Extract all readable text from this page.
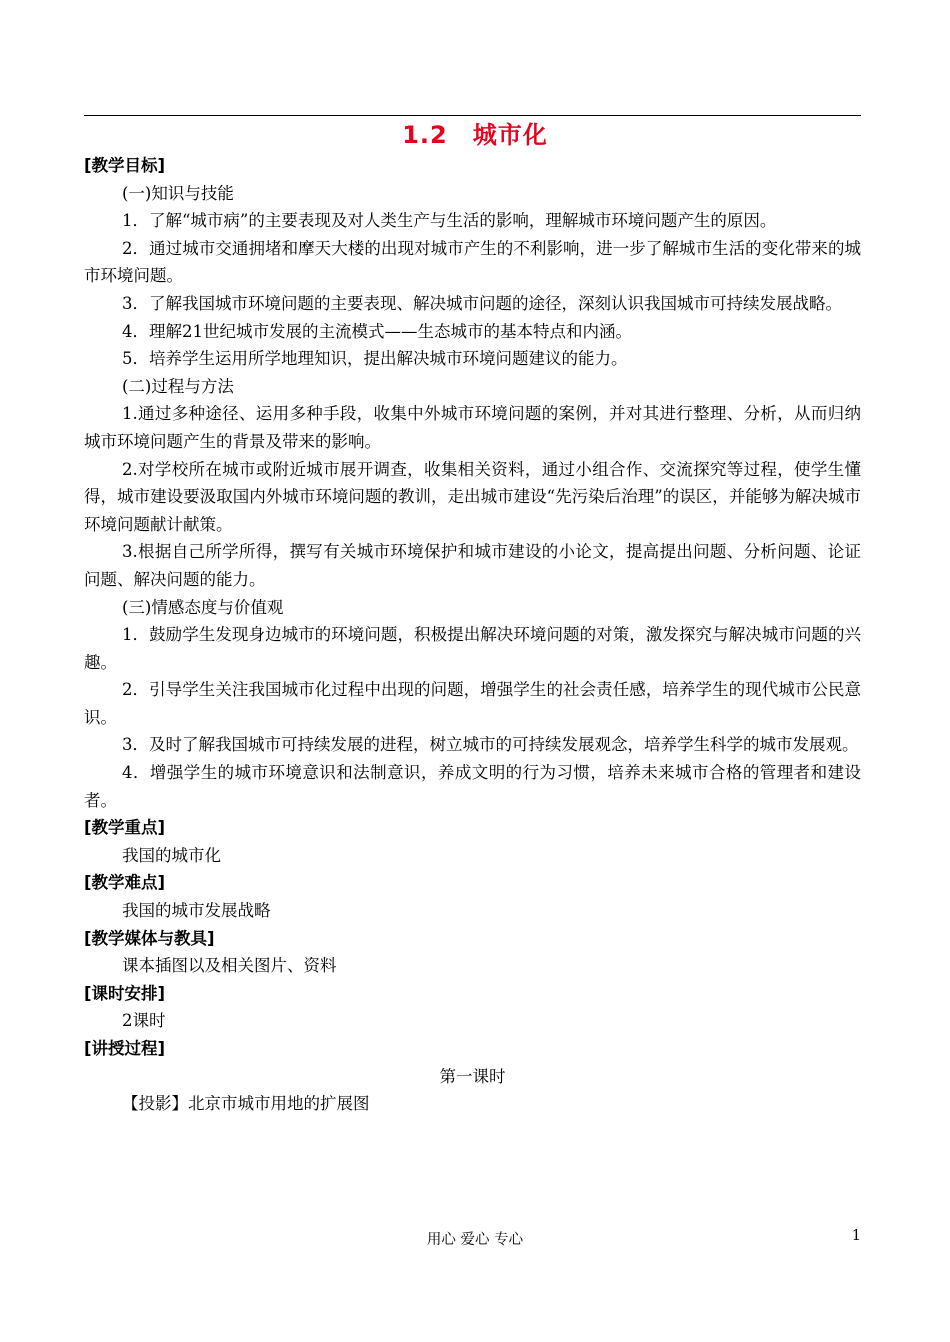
1.2　城市化

[教学目标]

(一)知识与技能

1．了解“城市病”的主要表现及对人类生产与生活的影响，理解城市环境问题产生的原因。

2．通过城市交通拥堵和摩天大楼的出现对城市产生的不利影响，进一步了解城市生活的变化带来的城市环境问题。

3．了解我国城市环境问题的主要表现、解决城市问题的途径，深刻认识我国城市可持续发展战略。

4．理解21世纪城市发展的主流模式——生态城市的基本特点和内涵。

5．培养学生运用所学地理知识，提出解决城市环境问题建议的能力。

(二)过程与方法

1.通过多种途径、运用多种手段，收集中外城市环境问题的案例，并对其进行整理、分析，从而归纳城市环境问题产生的背景及带来的影响。

2.对学校所在城市或附近城市展开调查，收集相关资料，通过小组合作、交流探究等过程，使学生懂得，城市建设要汲取国内外城市环境问题的教训，走出城市建设“先污染后治理”的误区，并能够为解决城市环境问题献计献策。

3.根据自己所学所得，撰写有关城市环境保护和城市建设的小论文，提高提出问题、分析问题、论证问题、解决问题的能力。

(三)情感态度与价值观

1．鼓励学生发现身边城市的环境问题，积极提出解决环境问题的对策，激发探究与解决城市问题的兴趣。

2．引导学生关注我国城市化过程中出现的问题，增强学生的社会责任感，培养学生的现代城市公民意识。

3．及时了解我国城市可持续发展的进程，树立城市的可持续发展观念，培养学生科学的城市发展观。

4．增强学生的城市环境意识和法制意识，养成文明的行为习惯，培养未来城市合格的管理者和建设者。

[教学重点]

我国的城市化

[教学难点]

我国的城市发展战略

[教学媒体与教具]

课本插图以及相关图片、资料

[课时安排]

2课时

[讲授过程]

第一课时

【投影】北京市城市用地的扩展图

用心 爱心 专心	1
